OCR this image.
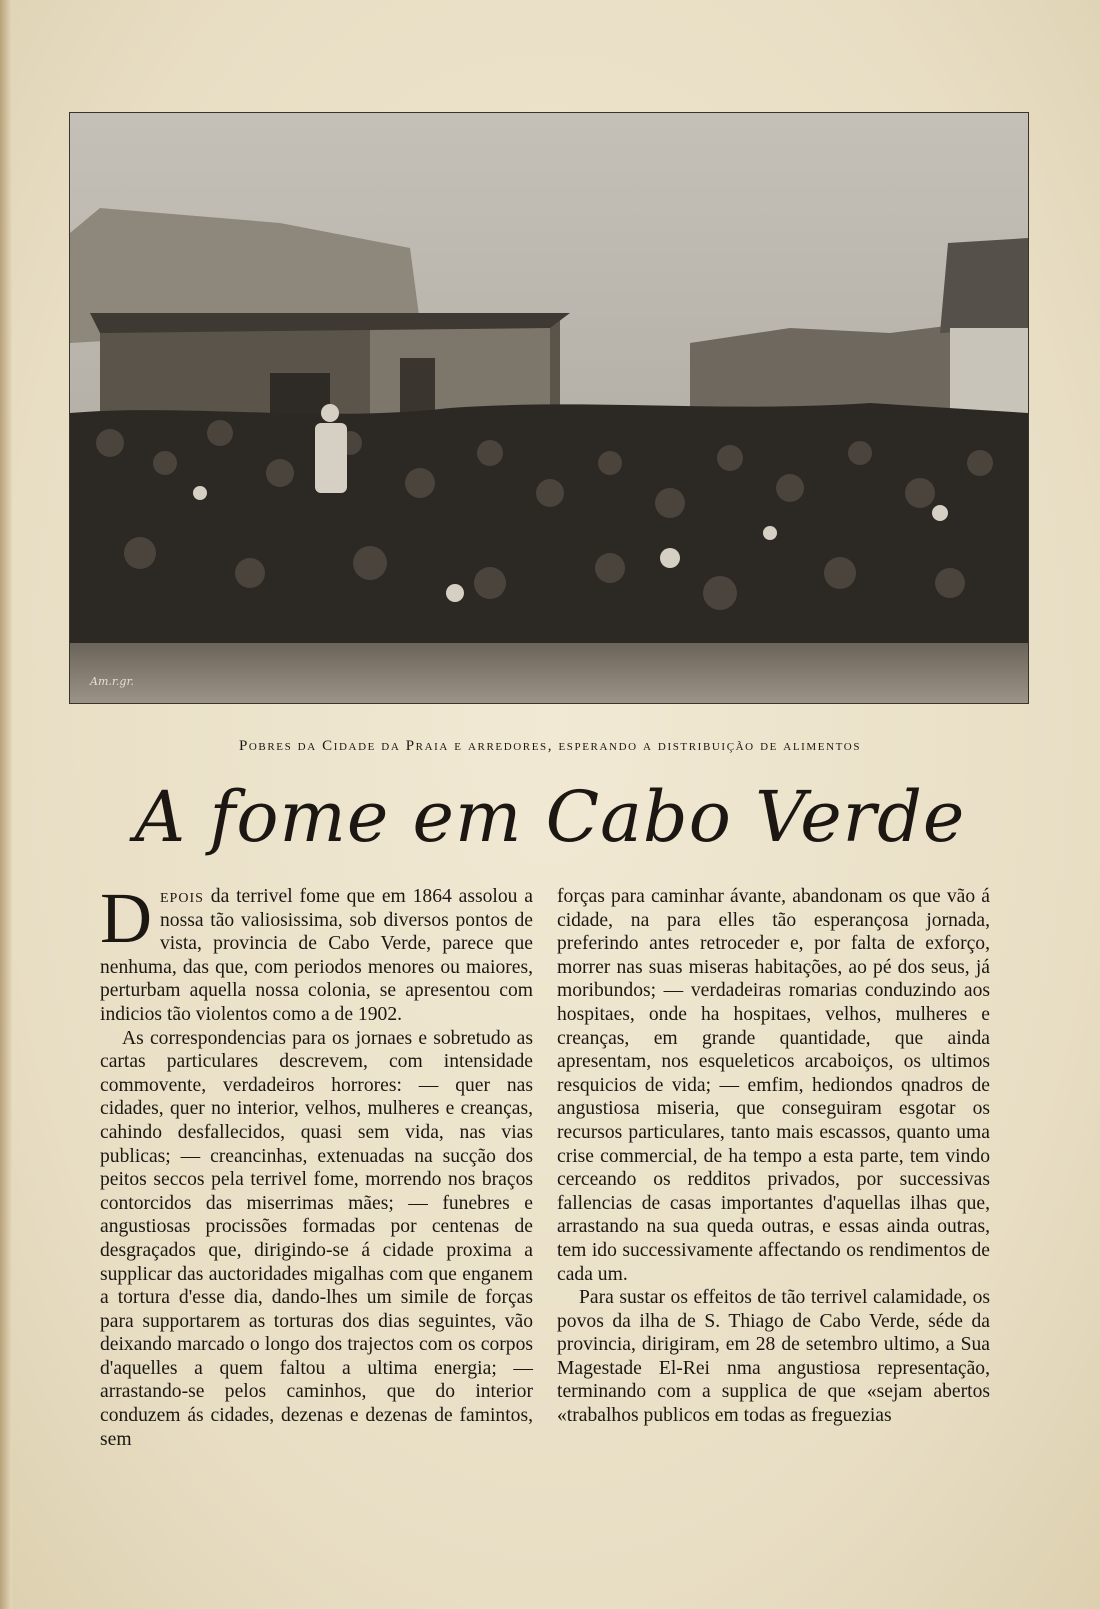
Am.r.gr.
Pobres da Cidade da Praia e arredores, esperando a distribuição de alimentos
A fome em Cabo Verde

Depois da terrivel fome que em 1864 assolou a nossa tão valiosissima, sob diversos pontos de vista, provincia de Cabo Verde, parece que nenhuma, das que, com periodos menores ou maiores, perturbam aquella nossa colonia, se apresentou com indicios tão violentos como a de 1902.

As correspondencias para os jornaes e sobretudo as cartas particulares descrevem, com intensidade commovente, verdadeiros horrores: — quer nas cidades, quer no interior, velhos, mulheres e creanças, cahindo desfallecidos, quasi sem vida, nas vias publicas; — creancinhas, extenuadas na sucção dos peitos seccos pela terrivel fome, morrendo nos braços contorcidos das miserrimas mães; — funebres e angustiosas procissões formadas por centenas de desgraçados que, dirigindo-se á cidade proxima a supplicar das auctoridades migalhas com que enganem a tortura d'esse dia, dando-lhes um simile de forças para supportarem as torturas dos dias seguintes, vão deixando marcado o longo dos trajectos com os corpos d'aquelles a quem faltou a ultima energia; — arrastando-se pelos caminhos, que do interior conduzem ás cidades, dezenas e dezenas de famintos, sem

forças para caminhar ávante, abandonam os que vão á cidade, na para elles tão esperançosa jornada, preferindo antes retroceder e, por falta de exforço, morrer nas suas miseras habitações, ao pé dos seus, já moribundos; — verdadeiras romarias conduzindo aos hospitaes, onde ha hospitaes, velhos, mulheres e creanças, em grande quantidade, que ainda apresentam, nos esqueleticos arcaboiços, os ultimos resquicios de vida; — emfim, hediondos qnadros de angustiosa miseria, que conseguiram esgotar os recursos particulares, tanto mais escassos, quanto uma crise commercial, de ha tempo a esta parte, tem vindo cerceando os redditos privados, por successivas fallencias de casas importantes d'aquellas ilhas que, arrastando na sua queda outras, e essas ainda outras, tem ido successivamente affectando os rendimentos de cada um.

Para sustar os effeitos de tão terrivel calamidade, os povos da ilha de S. Thiago de Cabo Verde, séde da provincia, dirigiram, em 28 de setembro ultimo, a Sua Magestade El-Rei nma angustiosa representação, terminando com a supplica de que «sejam abertos «trabalhos publicos em todas as freguezias
